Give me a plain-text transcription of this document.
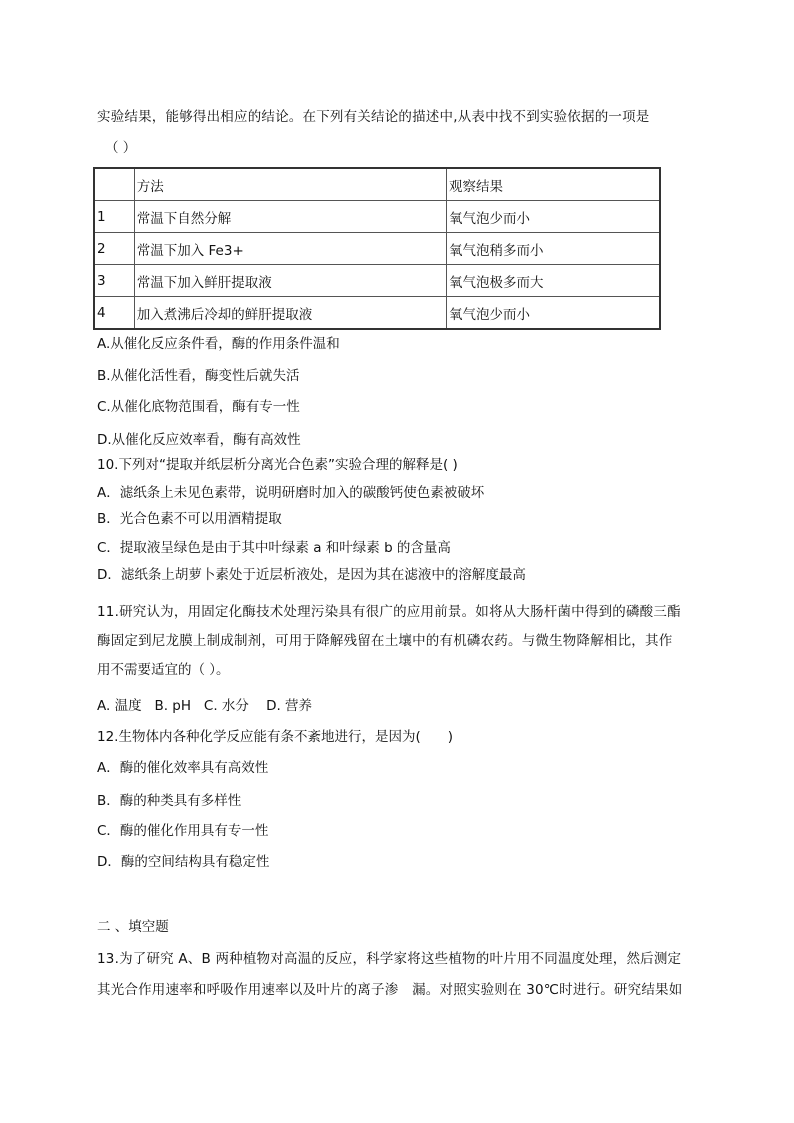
实验结果，能够得出相应的结论。在下列有关结论的描述中,从表中找不到实验依据的一项是
（ ）
	方法	观察结果
1	常温下自然分解	氧气泡少而小
2	常温下加入 Fe3+	氧气泡稍多而小
3	常温下加入鲜肝提取液	氧气泡极多而大
4	加入煮沸后冷却的鲜肝提取液	氧气泡少而小
A.从催化反应条件看，酶的作用条件温和
B.从催化活性看，酶变性后就失活
C.从催化底物范围看，酶有专一性
D.从催化反应效率看，酶有高效性
10.下列对“提取并纸层析分离光合色素”实验合理的解释是( )
A．滤纸条上未见色素带，说明研磨时加入的碳酸钙使色素被破坏
B．光合色素不可以用酒精提取
C．提取液呈绿色是由于其中叶绿素 a 和叶绿素 b 的含量高
D．滤纸条上胡萝卜素处于近层析液处，是因为其在滤液中的溶解度最高
11.研究认为，用固定化酶技术处理污染具有很广的应用前景。如将从大肠杆菌中得到的磷酸三酯
酶固定到尼龙膜上制成制剂，可用于降解残留在土壤中的有机磷农药。与微生物降解相比，其作
用不需要适宜的（ ）。
A. 温度   B. pH   C. 水分    D. 营养
12.生物体内各种化学反应能有条不紊地进行，是因为(　　)
A．酶的催化效率具有高效性
B．酶的种类具有多样性
C．酶的催化作用具有专一性
D．酶的空间结构具有稳定性
二 、填空题
13.为了研究 A、B 两种植物对高温的反应，科学家将这些植物的叶片用不同温度处理，然后测定
其光合作用速率和呼吸作用速率以及叶片的离子渗　漏。对照实验则在 30℃时进行。研究结果如
